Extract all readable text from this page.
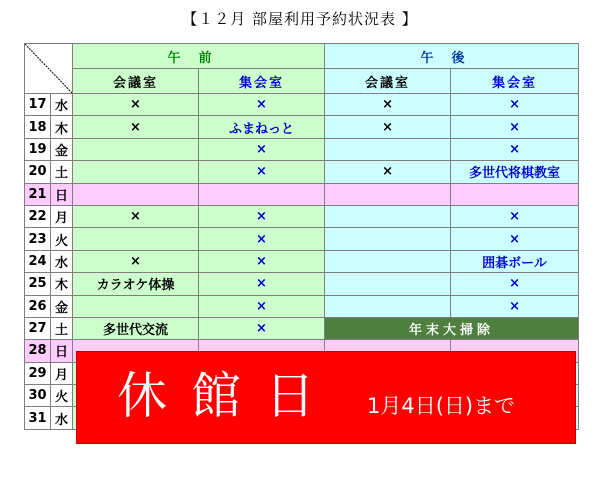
【１２月 部屋利用予約状況表 】
	午前		午後	
		会議室	集会室	会議室	集会室
17	水	×	×	×	×
18	木	×	ふまねっと	×	×
19	金		×		×
20	土		×	×	多世代将棋教室
21	日				
22	月	×	×		×
23	火		×		×
24	水	×	×		囲碁ボール
25	木	カラオケ体操	×		×
26	金		×		×
27	土	多世代交流	×	年末大掃除	
28	日				
29	月				
30	火				
31	水				休館日 1月4日(日)まで
